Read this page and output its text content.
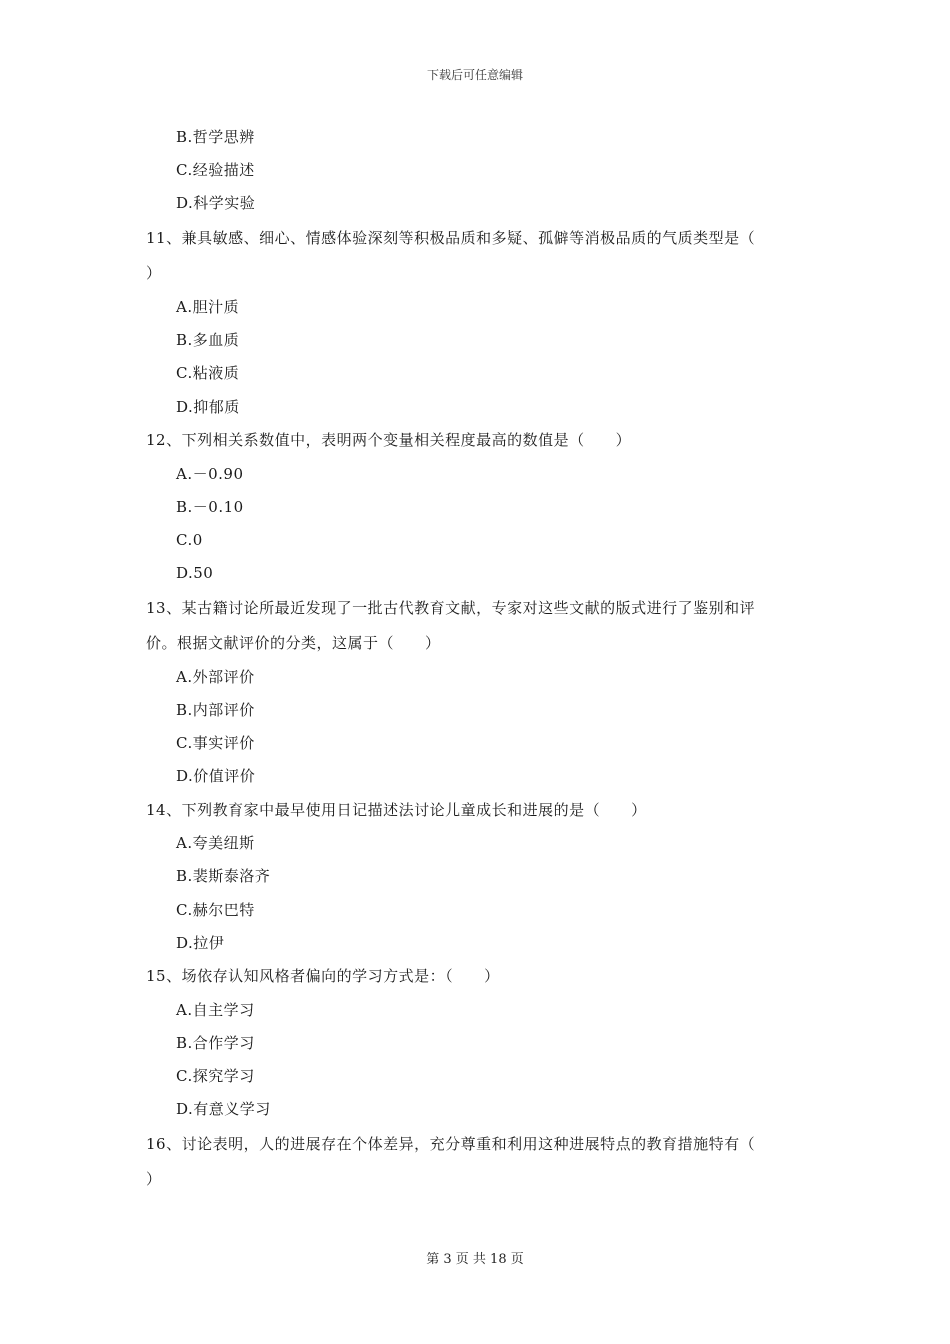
下载后可任意编辑
B.哲学思辨
C.经验描述
D.科学实验
11、兼具敏感、细心、情感体验深刻等积极品质和多疑、孤僻等消极品质的气质类型是（
）
A.胆汁质
B.多血质
C.粘液质
D.抑郁质
12、下列相关系数值中，表明两个变量相关程度最高的数值是（　　）
A.－0.90
B.－0.10
C.0
D.50
13、某古籍讨论所最近发现了一批古代教育文献，专家对这些文献的版式进行了鉴别和评
价。根据文献评价的分类，这属于（　　）
A.外部评价
B.内部评价
C.事实评价
D.价值评价
14、下列教育家中最早使用日记描述法讨论儿童成长和进展的是（　　）
A.夸美纽斯
B.裴斯泰洛齐
C.赫尔巴特
D.拉伊
15、场依存认知风格者偏向的学习方式是：（　　）
A.自主学习
B.合作学习
C.探究学习
D.有意义学习
16、讨论表明，人的进展存在个体差异，充分尊重和利用这种进展特点的教育措施特有（
）
第 3 页 共 18 页
